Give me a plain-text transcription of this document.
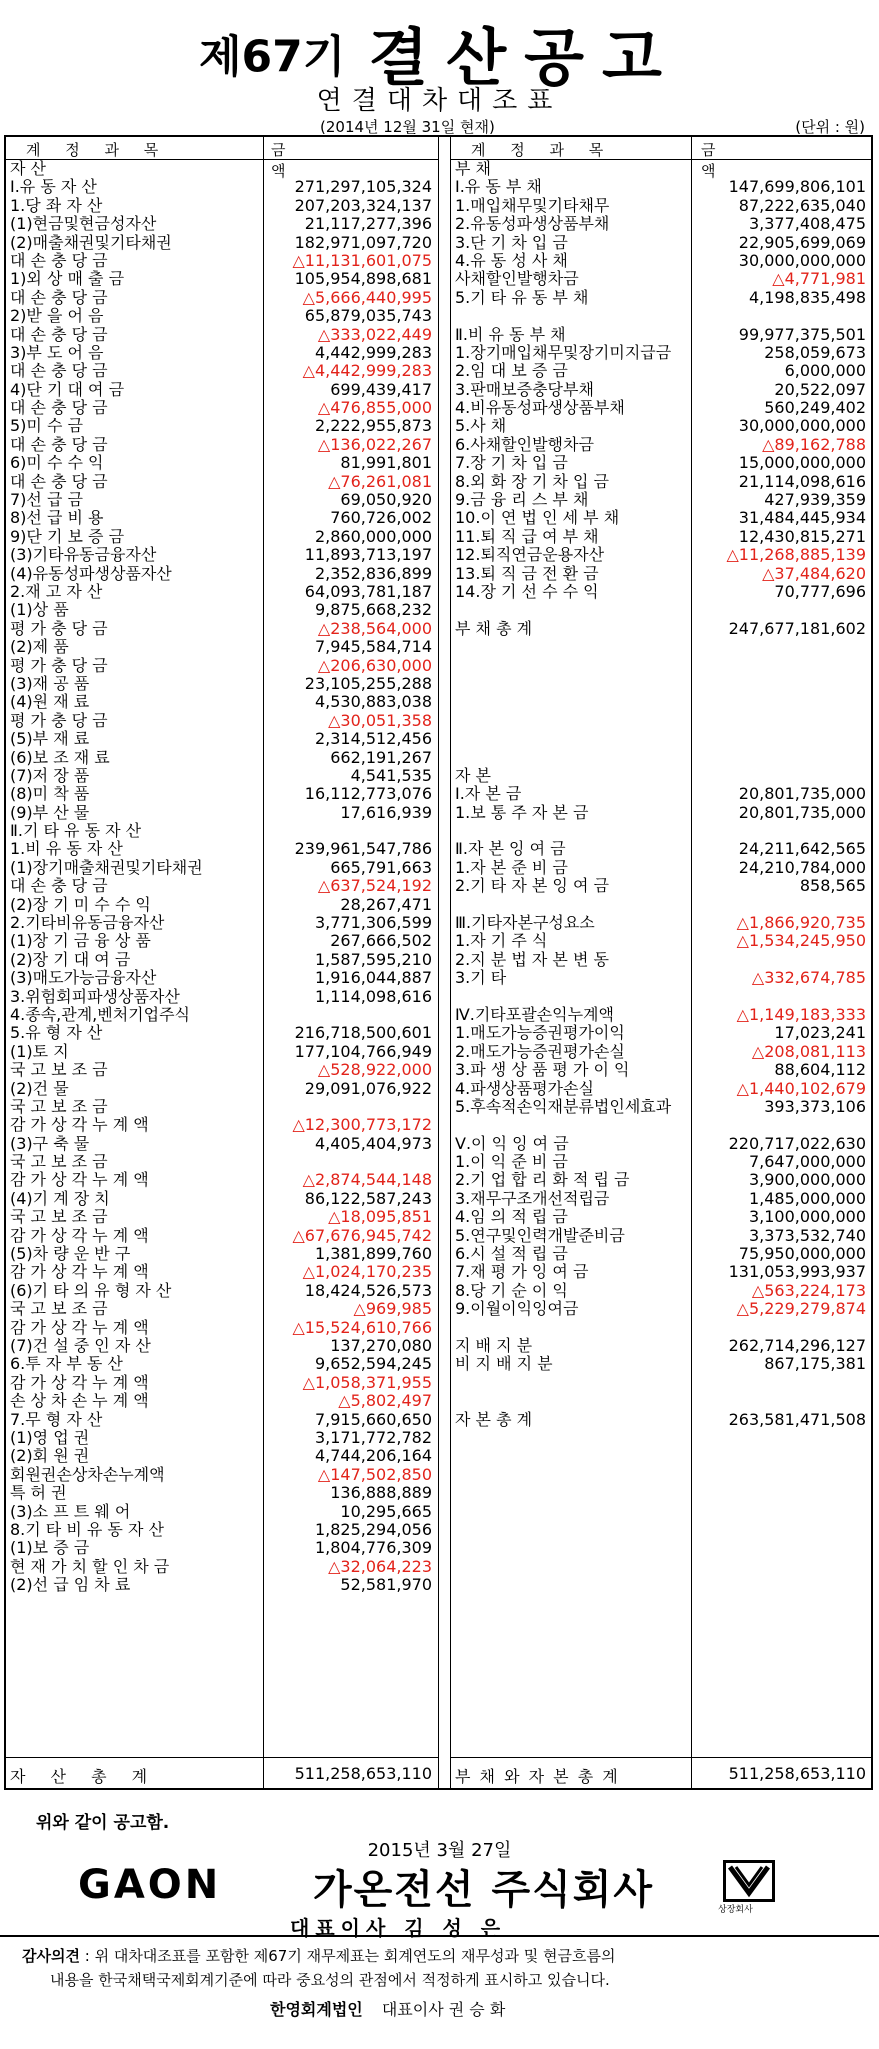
제67기 결산공고
연결대차대조표
(2014년 12월 31일 현재)	(단위 : 원)
계 정 과 목	금 액
자 산
Ⅰ.유 동 자 산	271,297,105,324
1.당 좌 자 산	207,203,324,137
(1)현금및현금성자산	21,117,277,396
(2)매출채권및기타채권	182,971,097,720
대 손 충 당 금	△11,131,601,075
1)외 상 매 출 금	105,954,898,681
대 손 충 당 금	△5,666,440,995
2)받 을 어 음	65,879,035,743
대 손 충 당 금	△333,022,449
3)부 도 어 음	4,442,999,283
대 손 충 당 금	△4,442,999,283
4)단 기 대 여 금	699,439,417
대 손 충 당 금	△476,855,000
5)미 수 금	2,222,955,873
대 손 충 당 금	△136,022,267
6)미 수 수 익	81,991,801
대 손 충 당 금	△76,261,081
7)선 급 금	69,050,920
8)선 급 비 용	760,726,002
9)단 기 보 증 금	2,860,000,000
(3)기타유동금융자산	11,893,713,197
(4)유동성파생상품자산	2,352,836,899
2.재 고 자 산	64,093,781,187
(1)상 품	9,875,668,232
평 가 충 당 금	△238,564,000
(2)제 품	7,945,584,714
평 가 충 당 금	△206,630,000
(3)재 공 품	23,105,255,288
(4)원 재 료	4,530,883,038
평 가 충 당 금	△30,051,358
(5)부 재 료	2,314,512,456
(6)보 조 재 료	662,191,267
(7)저 장 품	4,541,535
(8)미 착 품	16,112,773,076
(9)부 산 물	17,616,939
Ⅱ.기 타 유 동 자 산
1.비 유 동 자 산	239,961,547,786
(1)장기매출채권및기타채권	665,791,663
대 손 충 당 금	△637,524,192
(2)장 기 미 수 수 익	28,267,471
2.기타비유동금융자산	3,771,306,599
(1)장 기 금 융 상 품	267,666,502
(2)장 기 대 여 금	1,587,595,210
(3)매도가능금융자산	1,916,044,887
3.위험회피파생상품자산	1,114,098,616
4.종속,관계,벤처기업주식
5.유 형 자 산	216,718,500,601
(1)토 지	177,104,766,949
국 고 보 조 금	△528,922,000
(2)건 물	29,091,076,922
국 고 보 조 금
감 가 상 각 누 계 액	△12,300,773,172
(3)구 축 물	4,405,404,973
국 고 보 조 금
감 가 상 각 누 계 액	△2,874,544,148
(4)기 계 장 치	86,122,587,243
국 고 보 조 금	△18,095,851
감 가 상 각 누 계 액	△67,676,945,742
(5)차 량 운 반 구	1,381,899,760
감 가 상 각 누 계 액	△1,024,170,235
(6)기 타 의 유 형 자 산	18,424,526,573
국 고 보 조 금	△969,985
감 가 상 각 누 계 액	△15,524,610,766
(7)건 설 중 인 자 산	137,270,080
6.투 자 부 동 산	9,652,594,245
감 가 상 각 누 계 액	△1,058,371,955
손 상 차 손 누 계 액	△5,802,497
7.무 형 자 산	7,915,660,650
(1)영 업 권	3,171,772,782
(2)회 원 권	4,744,206,164
회원권손상차손누계액	△147,502,850
특 허 권	136,888,889
(3)소 프 트 웨 어	10,295,665
8.기 타 비 유 동 자 산	1,825,294,056
(1)보 증 금	1,804,776,309
현 재 가 치 할 인 차 금	△32,064,223
(2)선 급 임 차 료	52,581,970
자 산 총 계	511,258,653,110
계 정 과 목	금 액
부 채
Ⅰ.유 동 부 채	147,699,806,101
1.매입채무및기타채무	87,222,635,040
2.유동성파생상품부채	3,377,408,475
3.단 기 차 입 금	22,905,699,069
4.유 동 성 사 채	30,000,000,000
사채할인발행차금	△4,771,981
5.기 타 유 동 부 채	4,198,835,498
Ⅱ.비 유 동 부 채	99,977,375,501
1.장기매입채무및장기미지급금	258,059,673
2.임 대 보 증 금	6,000,000
3.판매보증충당부채	20,522,097
4.비유동성파생상품부채	560,249,402
5.사 채	30,000,000,000
6.사채할인발행차금	△89,162,788
7.장 기 차 입 금	15,000,000,000
8.외 화 장 기 차 입 금	21,114,098,616
9.금 융 리 스 부 채	427,939,359
10.이 연 법 인 세 부 채	31,484,445,934
11.퇴 직 급 여 부 채	12,430,815,271
12.퇴직연금운용자산	△11,268,885,139
13.퇴 직 금 전 환 금	△37,484,620
14.장 기 선 수 수 익	70,777,696
부 채 총 계	247,677,181,602
자 본
Ⅰ.자 본 금	20,801,735,000
1.보 통 주 자 본 금	20,801,735,000
Ⅱ.자 본 잉 여 금	24,211,642,565
1.자 본 준 비 금	24,210,784,000
2.기 타 자 본 잉 여 금	858,565
Ⅲ.기타자본구성요소	△1,866,920,735
1.자 기 주 식	△1,534,245,950
2.지 분 법 자 본 변 동
3.기 타	△332,674,785
Ⅳ.기타포괄손익누계액	△1,149,183,333
1.매도가능증권평가이익	17,023,241
2.매도가능증권평가손실	△208,081,113
3.파 생 상 품 평 가 이 익	88,604,112
4.파생상품평가손실	△1,440,102,679
5.후속적손익재분류법인세효과	393,373,106
Ⅴ.이 익 잉 여 금	220,717,022,630
1.이 익 준 비 금	7,647,000,000
2.기 업 합 리 화 적 립 금	3,900,000,000
3.재무구조개선적립금	1,485,000,000
4.임 의 적 립 금	3,100,000,000
5.연구및인력개발준비금	3,373,532,740
6.시 설 적 립 금	75,950,000,000
7.재 평 가 잉 여 금	131,053,993,937
8.당 기 순 이 익	△563,224,173
9.이월이익잉여금	△5,229,279,874
지 배 지 분	262,714,296,127
비 지 배 지 분	867,175,381
자 본 총 계	263,581,471,508
부 채 와 자 본 총 계	511,258,653,110
위와 같이 공고함.
2015년 3월 27일
GAON 가온전선 주식회사	상장회사
대표이사 김 성 은
감사의견 : 위 대차대조표를 포함한 제67기 재무제표는 회계연도의 재무성과 및 현금흐름의
내용을 한국채택국제회계기준에 따라 중요성의 관점에서 적정하게 표시하고 있습니다.
한영회계법인 대표이사 권 승 화
